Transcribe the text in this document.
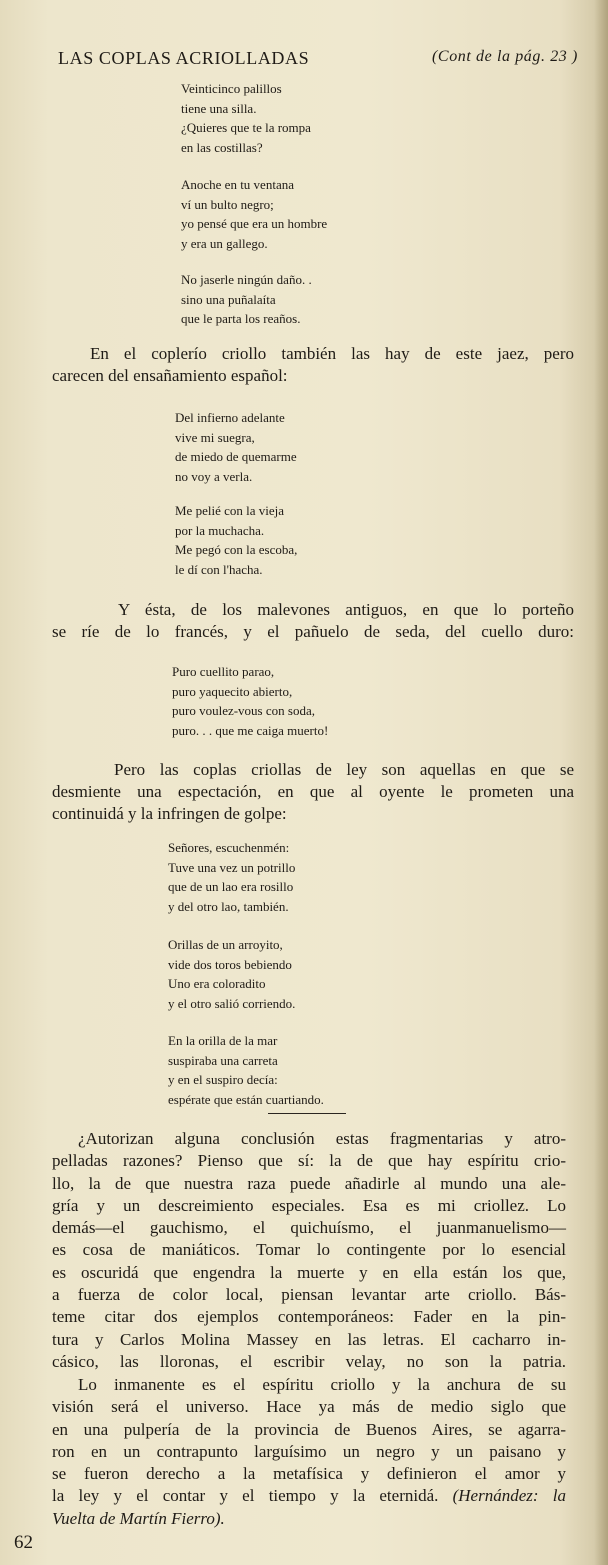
LAS COPLAS ACRIOLLADAS	(Cont de la pág. 23 )
Veinticinco palillos
tiene una silla.
¿Quieres que te la rompa
en las costillas?
Anoche en tu ventana
ví un bulto negro;
yo pensé que era un hombre
y era un gallego.
No jaserle ningún daño. .
sino una puñalaíta
que le parta los reaños.
En el coplerío criollo también las hay de este jaez, pero
carecen del ensañamiento español:
Del infierno adelante
vive mi suegra,
de miedo de quemarme
no voy a verla.
Me pelié con la vieja
por la muchacha.
Me pegó con la escoba,
le dí con l'hacha.
Y ésta, de los malevones antiguos, en que lo porteño
se ríe de lo francés, y el pañuelo de seda, del cuello duro:
Puro cuellito parao,
puro yaquecito abierto,
puro voulez-vous con soda,
puro. . . que me caiga muerto!
Pero las coplas criollas de ley son aquellas en que se
desmiente una espectación, en que al oyente le prometen una
continuidá y la infringen de golpe:
Señores, escuchenmén:
Tuve una vez un potrillo
que de un lao era rosillo
y del otro lao, también.
Orillas de un arroyito,
vide dos toros bebiendo
Uno era coloradito
y el otro salió corriendo.
En la orilla de la mar
suspiraba una carreta
y en el suspiro decía:
espérate que están cuartiando.
¿Autorizan alguna conclusión estas fragmentarias y atro-
pelladas razones? Pienso que sí: la de que hay espíritu crio-
llo, la de que nuestra raza puede añadirle al mundo una ale-
gría y un descreimiento especiales. Esa es mi criollez. Lo
demás—el gauchismo, el quichuísmo, el juanmanuelismo—
es cosa de maniáticos. Tomar lo contingente por lo esencial
es oscuridá que engendra la muerte y en ella están los que,
a fuerza de color local, piensan levantar arte criollo. Bás-
teme citar dos ejemplos contemporáneos: Fader en la pin-
tura y Carlos Molina Massey en las letras. El cacharro in-
cásico, las lloronas, el escribir velay, no son la patria.
Lo inmanente es el espíritu criollo y la anchura de su
visión será el universo. Hace ya más de medio siglo que
en una pulpería de la provincia de Buenos Aires, se agarra-
ron en un contrapunto larguísimo un negro y un paisano y
se fueron derecho a la metafísica y definieron el amor y
la ley y el contar y el tiempo y la eternidá. (Hernández: la
Vuelta de Martín Fierro).
62
